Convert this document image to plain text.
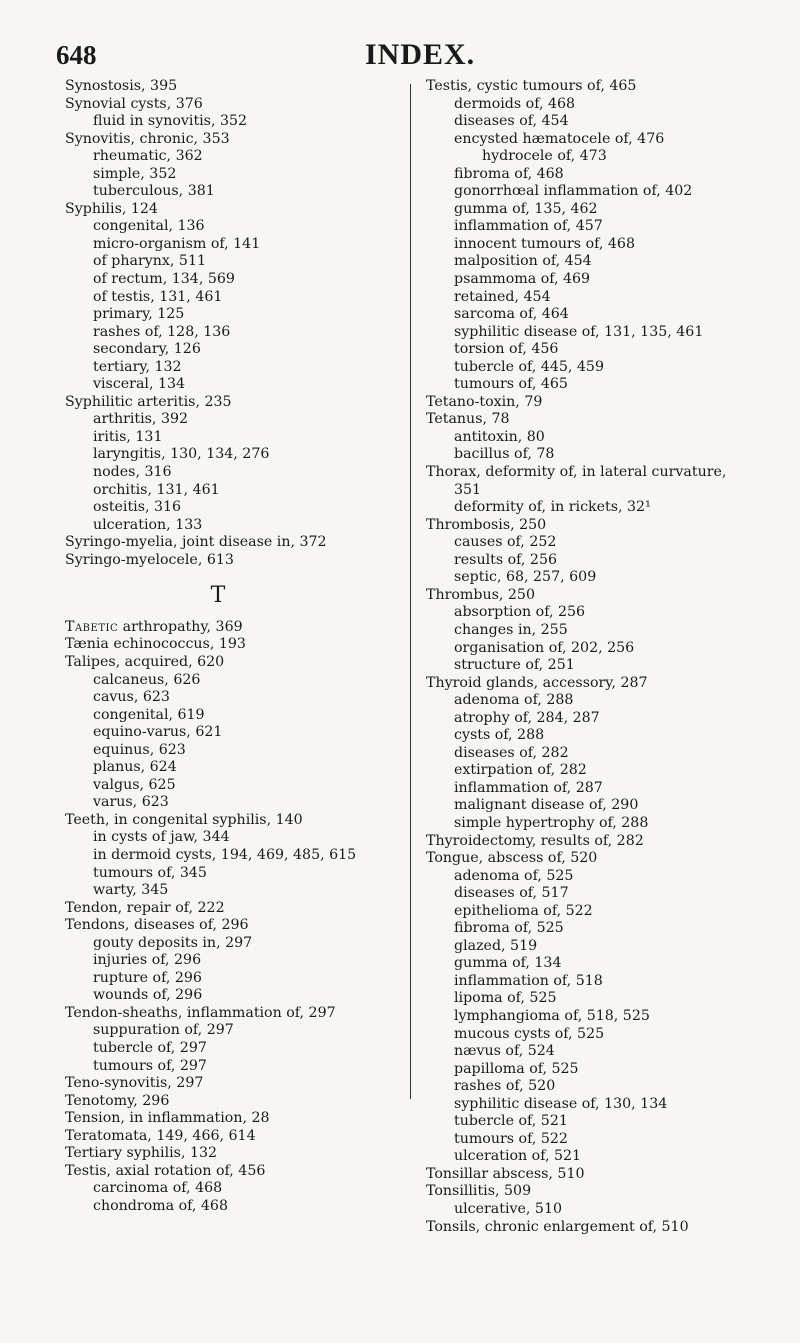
648	INDEX.
Synostosis, 395
Synovial cysts, 376
fluid in synovitis, 352
Synovitis, chronic, 353
rheumatic, 362
simple, 352
tuberculous, 381
Syphilis, 124
congenital, 136
micro-organism of, 141
of pharynx, 511
of rectum, 134, 569
of testis, 131, 461
primary, 125
rashes of, 128, 136
secondary, 126
tertiary, 132
visceral, 134
Syphilitic arteritis, 235
arthritis, 392
iritis, 131
laryngitis, 130, 134, 276
nodes, 316
orchitis, 131, 461
osteitis, 316
ulceration, 133
Syringo-myelia, joint disease in, 372
Syringo-myelocele, 613
T
Tabetic arthropathy, 369
Tænia echinococcus, 193
Talipes, acquired, 620
calcaneus, 626
cavus, 623
congenital, 619
equino-varus, 621
equinus, 623
planus, 624
valgus, 625
varus, 623
Teeth, in congenital syphilis, 140
in cysts of jaw, 344
in dermoid cysts, 194, 469, 485, 615
tumours of, 345
warty, 345
Tendon, repair of, 222
Tendons, diseases of, 296
gouty deposits in, 297
injuries of, 296
rupture of, 296
wounds of, 296
Tendon-sheaths, inflammation of, 297
suppuration of, 297
tubercle of, 297
tumours of, 297
Teno-synovitis, 297
Tenotomy, 296
Tension, in inflammation, 28
Teratomata, 149, 466, 614
Tertiary syphilis, 132
Testis, axial rotation of, 456
carcinoma of, 468
chondroma of, 468
Testis, cystic tumours of, 465
dermoids of, 468
diseases of, 454
encysted hæmatocele of, 476
hydrocele of, 473
fibroma of, 468
gonorrhœal inflammation of, 402
gumma of, 135, 462
inflammation of, 457
innocent tumours of, 468
malposition of, 454
psammoma of, 469
retained, 454
sarcoma of, 464
syphilitic disease of, 131, 135, 461
torsion of, 456
tubercle of, 445, 459
tumours of, 465
Tetano-toxin, 79
Tetanus, 78
antitoxin, 80
bacillus of, 78
Thorax, deformity of, in lateral curvature,
351
deformity of, in rickets, 32¹
Thrombosis, 250
causes of, 252
results of, 256
septic, 68, 257, 609
Thrombus, 250
absorption of, 256
changes in, 255
organisation of, 202, 256
structure of, 251
Thyroid glands, accessory, 287
adenoma of, 288
atrophy of, 284, 287
cysts of, 288
diseases of, 282
extirpation of, 282
inflammation of, 287
malignant disease of, 290
simple hypertrophy of, 288
Thyroidectomy, results of, 282
Tongue, abscess of, 520
adenoma of, 525
diseases of, 517
epithelioma of, 522
fibroma of, 525
glazed, 519
gumma of, 134
inflammation of, 518
lipoma of, 525
lymphangioma of, 518, 525
mucous cysts of, 525
nævus of, 524
papilloma of, 525
rashes of, 520
syphilitic disease of, 130, 134
tubercle of, 521
tumours of, 522
ulceration of, 521
Tonsillar abscess, 510
Tonsillitis, 509
ulcerative, 510
Tonsils, chronic enlargement of, 510
